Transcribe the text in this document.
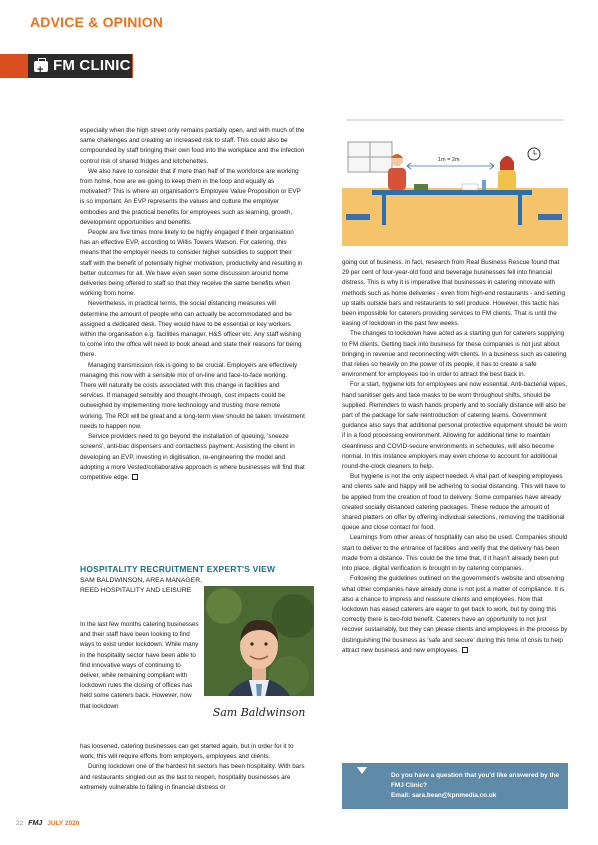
ADVICE & OPINION
+
FM CLINIC

especially when the high street only remains partially open, and with much of the same challenges and creating an increased risk to staff. This could also be compounded by staff bringing their own food into the workplace and the infection control risk of shared fridges and kitchenettes.

We also have to consider that if more than half of the workforce are working from home, how are we going to keep them in the loop and equally as motivated? This is where an organisation's Employee Value Proposition or EVP is so important. An EVP represents the values and culture the employer embodies and the practical benefits for employees such as learning, growth, development opportunities and benefits.

People are five times more likely to be highly engaged if their organisation has an effective EVP, according to Willis Towers Watson. For catering, this means that the employer needs to consider higher subsidies to support their staff with the benefit of potentially higher motivation, productivity and resulting in better outcomes for all. We have even seen some discussion around home deliveries being offered to staff so that they receive the same benefits when working from home.

Nevertheless, in practical terms, the social distancing measures will determine the amount of people who can actually be accommodated and be assigned a dedicated desk. They would have to be essential or key workers within the organisation e.g. facilities manager, H&S officer etc. Any staff wishing to come into the office will need to book ahead and state their reasons for being there.

Managing transmission risk is going to be crucial. Employers are effectively managing this now with a sensible mix of on-line and face-to-face working. There will naturally be costs associated with this change in facilities and services. If managed sensibly and thought-through, cost impacts could be outweighed by implementing more technology and trusting more remote working. The ROI will be great and a long-term view should be taken. Investment needs to happen now.

Service providers need to go beyond the installation of queuing, 'sneeze screens', anti-bac dispensers and contactless payment. Assisting the client in developing an EVP, investing in digitisation, re-engineering the model and adopting a more Vested/collaborative approach is where businesses will find that competitive edge.

1m = 2m
HOSPITALITY RECRUITMENT EXPERT'S VIEW
SAM BALDWINSON, AREA MANAGER, REED HOSPITALITY AND LEISURE
Sam Baldwinson
In the last few months catering businesses and their staff have been looking to find ways to exist under lockdown. While many in the hospitality sector have been able to find innovative ways of continuing to deliver, while remaining compliant with lockdown rules the closing of offices has held some caterers back. However, now that lockdown

has loosened, catering businesses can get started again, but in order for it to work, this will require efforts from employers, employees and clients.

During lockdown one of the hardest hit sectors has been hospitality. With bars and restaurants singled out as the last to reopen, hospitality businesses are extremely vulnerable to falling in financial distress or

going out of business. In fact, research from Real Business Rescue found that 29 per cent of four-year-old food and beverage businesses fell into financial distress. This is why it is imperative that businesses in catering innovate with methods such as home deliveries - even from high-end restaurants - and setting up stalls outside bars and restaurants to sell produce. However, this tactic has been impossible for caterers providing services to FM clients. That is until the easing of lockdown in the past few weeks.

The changes to lockdown have acted as a starting gun for caterers supplying to FM clients. Getting back into business for these companies is not just about bringing in revenue and reconnecting with clients. In a business such as catering that relies so heavily on the power of its people, it has to create a safe environment for employees too in order to attract the best back in.

For a start, hygiene kits for employees are now essential. Anti-bacterial wipes, hand sanitiser gels and face masks to be worn throughout shifts, should be supplied. Reminders to wash hands properly and to socially distance will also be part of the package for safe reintroduction of catering teams. Government guidance also says that additional personal protective equipment should be worn if in a food processing environment. Allowing for additional time to maintain cleanliness and COVID-secure environments in schedules, will also become normal. In this instance employers may even choose to account for additional round-the-clock cleaners to help.

But hygiene is not the only aspect needed. A vital part of keeping employees and clients safe and happy will be adhering to social distancing. This will have to be applied from the creation of food to delivery. Some companies have already created socially distanced catering packages. These reduce the amount of shared platters on offer by offering individual selections, removing the traditional queue and close contact for food.

Learnings from other areas of hospitality can also be used. Companies should start to deliver to the entrance of facilities and verify that the delivery has been made from a distance. This could be the time that, if it hasn't already been put into place, digital verification is brought in by catering companies.

Following the guidelines outlined on the government's website and observing what other companies have already done is not just a matter of compliance. It is also a chance to impress and reassure clients and employees. Now that lockdown has eased caterers are eager to get back to work, but by doing this correctly there is two-fold benefit. Caterers have an opportunity to not just recover sustainably, but they can please clients and employees in the process by distinguishing the business as 'safe and secure' during this time of crisis to help attract new business and new employees.

Do you have a question that you'd like answered by the FMJ Clinic?
Email: sara.bean@kpnmedia.co.uk
22 FMJ JULY 2020
